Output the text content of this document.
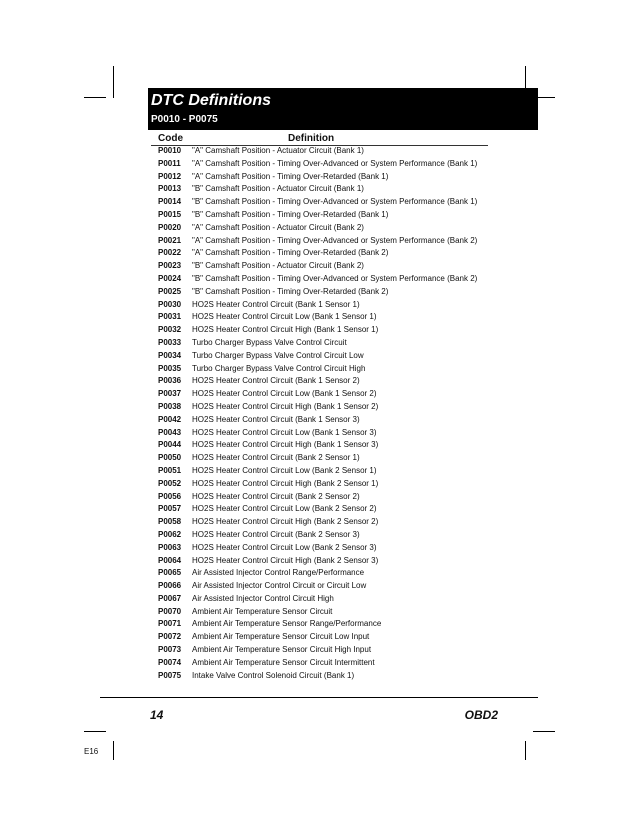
DTC Definitions
P0010 - P0075
Code	Definition
P0010	"A" Camshaft Position - Actuator Circuit (Bank 1)
P0011	"A" Camshaft Position - Timing Over-Advanced or System Performance (Bank 1)
P0012	"A" Camshaft Position - Timing Over-Retarded (Bank 1)
P0013	"B" Camshaft Position - Actuator Circuit (Bank 1)
P0014	"B" Camshaft Position - Timing Over-Advanced or System Performance (Bank 1)
P0015	"B" Camshaft Position - Timing Over-Retarded (Bank 1)
P0020	"A" Camshaft Position - Actuator Circuit (Bank 2)
P0021	"A" Camshaft Position - Timing Over-Advanced or System Performance (Bank 2)
P0022	"A" Camshaft Position - Timing Over-Retarded (Bank 2)
P0023	"B" Camshaft Position - Actuator Circuit (Bank 2)
P0024	"B" Camshaft Position - Timing Over-Advanced or System Performance (Bank 2)
P0025	"B" Camshaft Position - Timing Over-Retarded (Bank 2)
P0030	HO2S Heater Control Circuit (Bank 1 Sensor 1)
P0031	HO2S Heater Control Circuit Low (Bank 1 Sensor 1)
P0032	HO2S Heater Control Circuit High (Bank 1 Sensor 1)
P0033	Turbo Charger Bypass Valve Control Circuit
P0034	Turbo Charger Bypass Valve Control Circuit Low
P0035	Turbo Charger Bypass Valve Control Circuit High
P0036	HO2S Heater Control Circuit (Bank 1 Sensor 2)
P0037	HO2S Heater Control Circuit Low (Bank 1 Sensor 2)
P0038	HO2S Heater Control Circuit High (Bank 1 Sensor 2)
P0042	HO2S Heater Control Circuit (Bank 1 Sensor 3)
P0043	HO2S Heater Control Circuit Low (Bank 1 Sensor 3)
P0044	HO2S Heater Control Circuit High (Bank 1 Sensor 3)
P0050	HO2S Heater Control Circuit (Bank 2 Sensor 1)
P0051	HO2S Heater Control Circuit Low (Bank 2 Sensor 1)
P0052	HO2S Heater Control Circuit High (Bank 2 Sensor 1)
P0056	HO2S Heater Control Circuit (Bank 2 Sensor 2)
P0057	HO2S Heater Control Circuit Low (Bank 2 Sensor 2)
P0058	HO2S Heater Control Circuit High (Bank 2 Sensor 2)
P0062	HO2S Heater Control Circuit (Bank 2 Sensor 3)
P0063	HO2S Heater Control Circuit Low (Bank 2 Sensor 3)
P0064	HO2S Heater Control Circuit High (Bank 2 Sensor 3)
P0065	Air Assisted Injector Control Range/Performance
P0066	Air Assisted Injector Control Circuit or Circuit Low
P0067	Air Assisted Injector Control Circuit High
P0070	Ambient Air Temperature Sensor Circuit
P0071	Ambient Air Temperature Sensor Range/Performance
P0072	Ambient Air Temperature Sensor Circuit Low Input
P0073	Ambient Air Temperature Sensor Circuit High Input
P0074	Ambient Air Temperature Sensor Circuit Intermittent
P0075	Intake Valve Control Solenoid Circuit (Bank 1)
14	OBD2
E16
